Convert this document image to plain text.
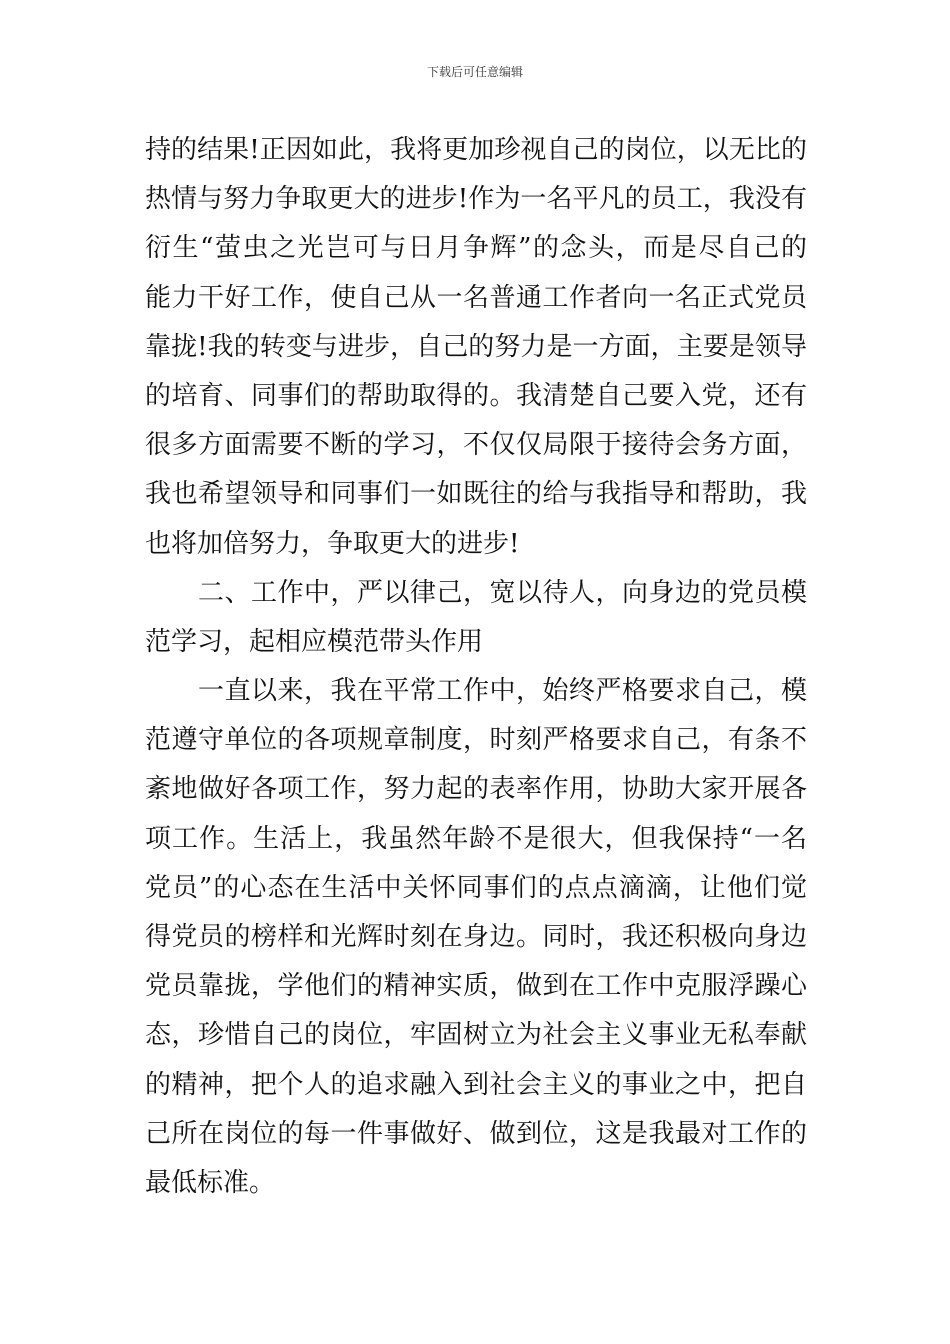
下载后可任意编辑
持的结果!正因如此，我将更加珍视自己的岗位，以无比的
热情与努力争取更大的进步!作为一名平凡的员工，我没有
衍生“萤虫之光岂可与日月争辉”的念头，而是尽自己的
能力干好工作，使自己从一名普通工作者向一名正式党员
靠拢!我的转变与进步，自己的努力是一方面，主要是领导
的培育、同事们的帮助取得的。我清楚自己要入党，还有
很多方面需要不断的学习，不仅仅局限于接待会务方面，
我也希望领导和同事们一如既往的给与我指导和帮助，我
也将加倍努力，争取更大的进步!
　　二、工作中，严以律己，宽以待人，向身边的党员模
范学习，起相应模范带头作用
　　一直以来，我在平常工作中，始终严格要求自己，模
范遵守单位的各项规章制度，时刻严格要求自己，有条不
紊地做好各项工作，努力起的表率作用，协助大家开展各
项工作。生活上，我虽然年龄不是很大，但我保持“一名
党员”的心态在生活中关怀同事们的点点滴滴，让他们觉
得党员的榜样和光辉时刻在身边。同时，我还积极向身边
党员靠拢，学他们的精神实质，做到在工作中克服浮躁心
态，珍惜自己的岗位，牢固树立为社会主义事业无私奉献
的精神，把个人的追求融入到社会主义的事业之中，把自
己所在岗位的每一件事做好、做到位，这是我最对工作的
最低标准。
